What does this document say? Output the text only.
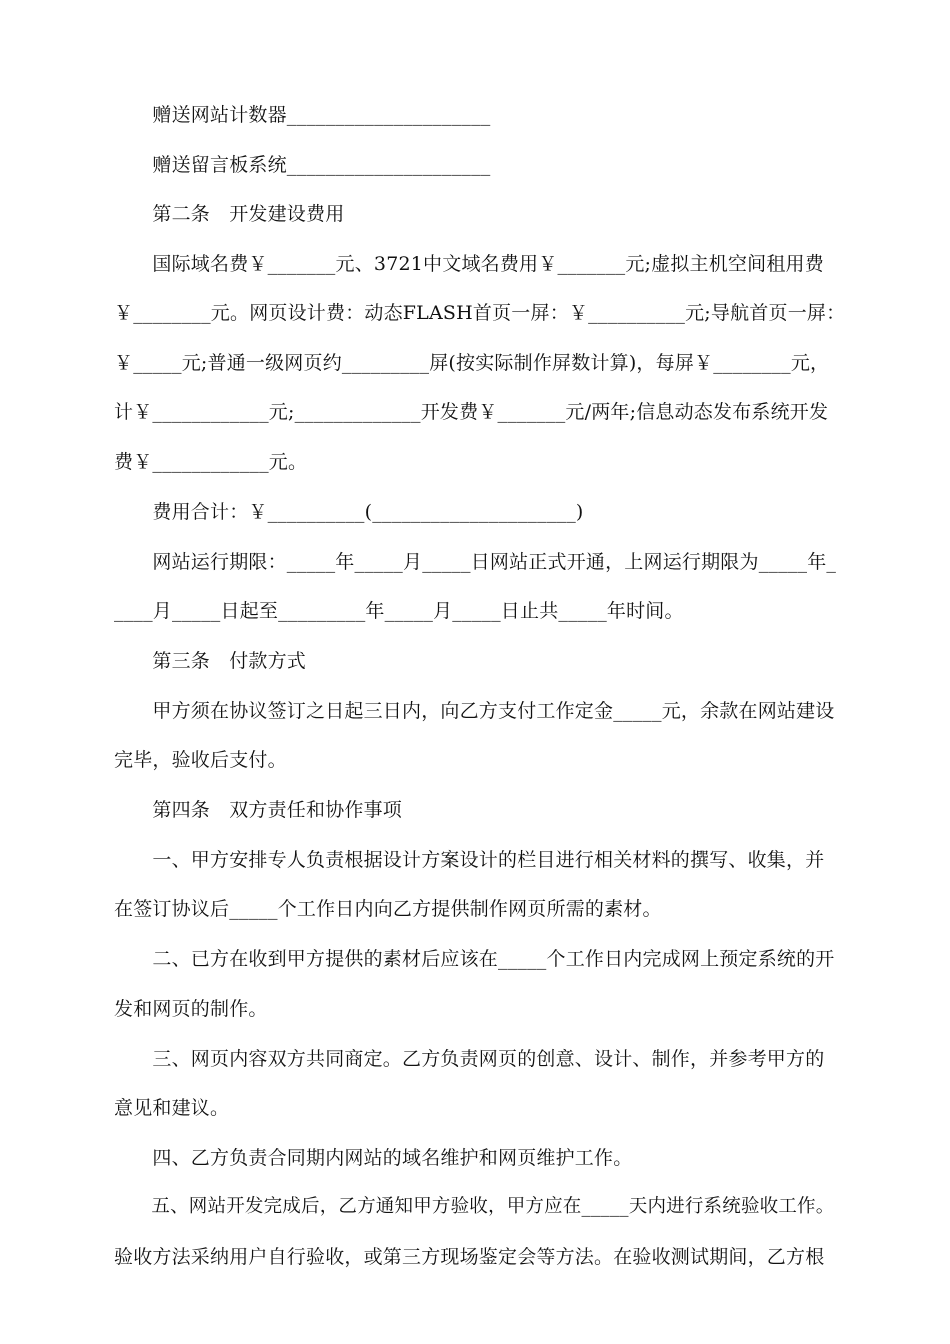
　　赠送网站计数器_____________________
　　赠送留言板系统_____________________
　　第二条　开发建设费用
　　国际域名费￥_______元、3721中文域名费用￥_______元;虚拟主机空间租用费
￥________元。网页设计费：动态FLASH首页一屏：￥__________元;导航首页一屏：
￥_____元;普通一级网页约_________屏(按实际制作屏数计算)，每屏￥________元，
计￥____________元;_____________开发费￥_______元/两年;信息动态发布系统开发
费￥____________元。
　　费用合计：￥__________(_____________________)
　　网站运行期限：_____年_____月_____日网站正式开通，上网运行期限为_____年_
____月_____日起至_________年_____月_____日止共_____年时间。
　　第三条　付款方式
　　甲方须在协议签订之日起三日内，向乙方支付工作定金_____元，余款在网站建设
完毕，验收后支付。
　　第四条　双方责任和协作事项
　　一、甲方安排专人负责根据设计方案设计的栏目进行相关材料的撰写、收集，并
在签订协议后_____个工作日内向乙方提供制作网页所需的素材。
　　二、已方在收到甲方提供的素材后应该在_____个工作日内完成网上预定系统的开
发和网页的制作。
　　三、网页内容双方共同商定。乙方负责网页的创意、设计、制作，并参考甲方的
意见和建议。
　　四、乙方负责合同期内网站的域名维护和网页维护工作。
　　五、网站开发完成后，乙方通知甲方验收，甲方应在_____天内进行系统验收工作。
验收方法采纳用户自行验收，或第三方现场鉴定会等方法。在验收测试期间，乙方根
